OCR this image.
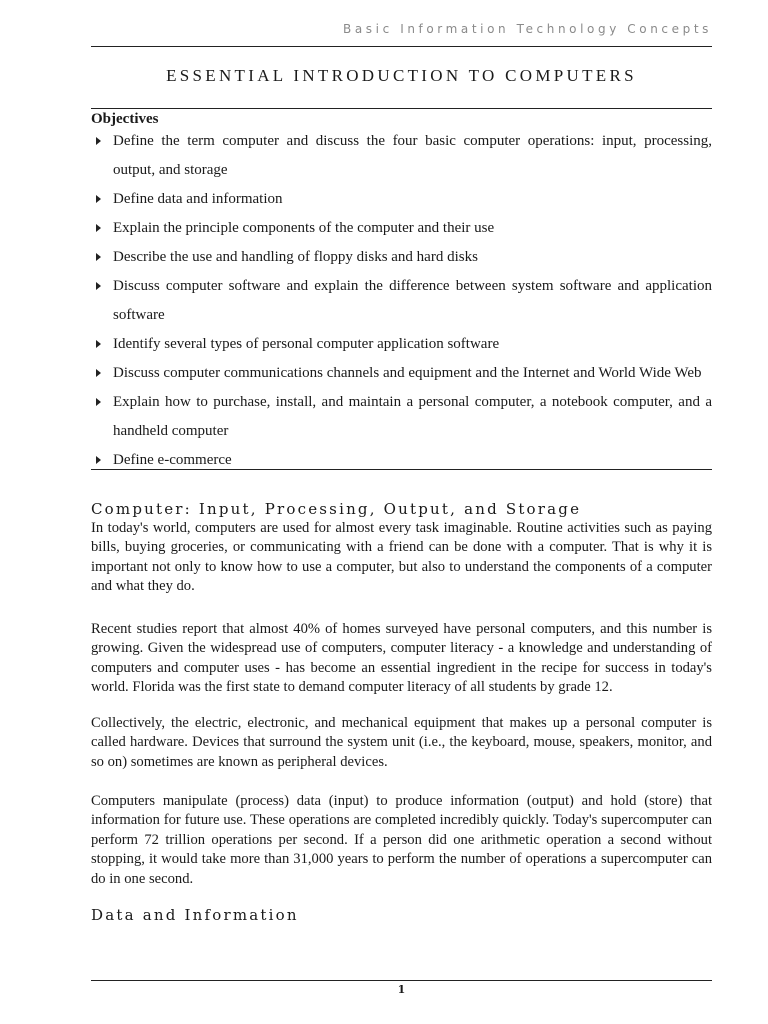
Basic Information Technology Concepts
ESSENTIAL INTRODUCTION TO COMPUTERS
Objectives
Define the term computer and discuss the four basic computer operations: input, processing, output, and storage
Define data and information
Explain the principle components of the computer and their use
Describe the use and handling of floppy disks and hard disks
Discuss computer software and explain the difference between system software and application software
Identify several types of personal computer application software
Discuss computer communications channels and equipment and the Internet and World Wide Web
Explain how to purchase, install, and maintain a personal computer, a notebook computer, and a handheld computer
Define e-commerce
Computer: Input, Processing, Output, and Storage

In today's world, computers are used for almost every task imaginable. Routine activities such as paying bills, buying groceries, or communicating with a friend can be done with a computer. That is why it is important not only to know how to use a computer, but also to understand the components of a computer and what they do.

Recent studies report that almost 40% of homes surveyed have personal computers, and this number is growing. Given the widespread use of computers, computer literacy - a knowledge and understanding of computers and computer uses - has become an essential ingredient in the recipe for success in today's world. Florida was the first state to demand computer literacy of all students by grade 12.

Collectively, the electric, electronic, and mechanical equipment that makes up a personal computer is called hardware. Devices that surround the system unit (i.e., the keyboard, mouse, speakers, monitor, and so on) sometimes are known as peripheral devices.

Computers manipulate (process) data (input) to produce information (output) and hold (store) that information for future use. These operations are completed incredibly quickly. Today's supercomputer can perform 72 trillion operations per second. If a person did one arithmetic operation a second without stopping, it would take more than 31,000 years to perform the number of operations a supercomputer can do in one second.

Data and Information
1
